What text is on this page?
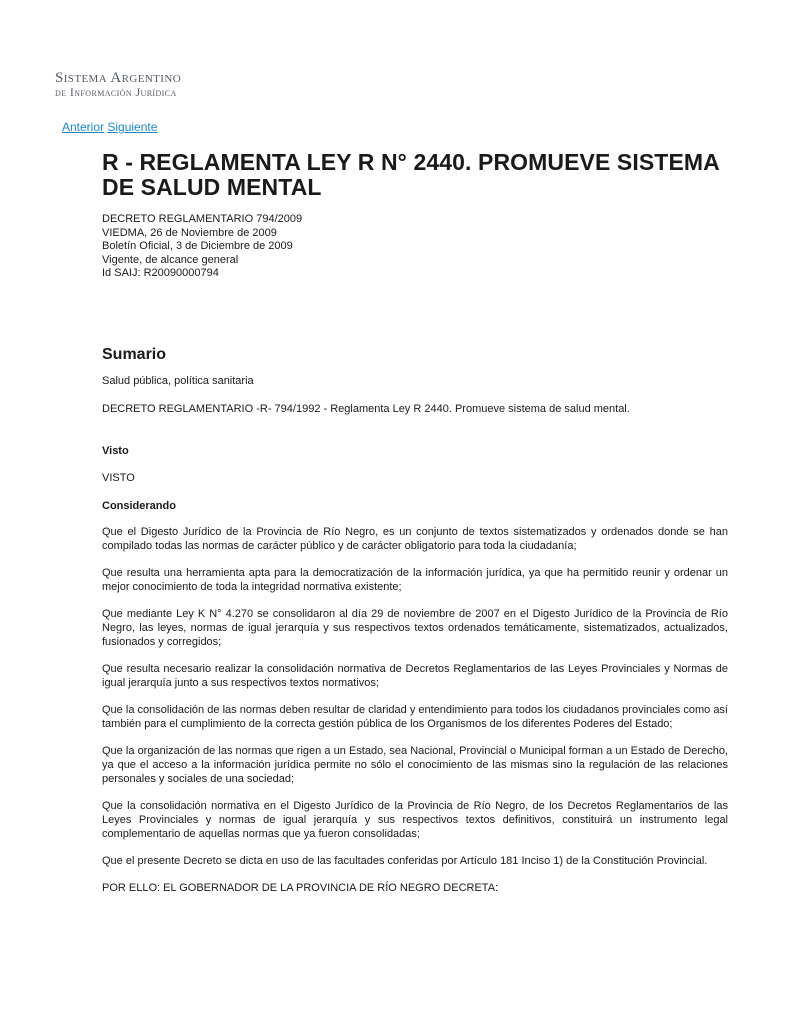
Sistema Argentino
de Información Jurídica
Anterior Siguiente
R - REGLAMENTA LEY R N° 2440. PROMUEVE SISTEMA DE SALUD MENTAL
DECRETO REGLAMENTARIO 794/2009
VIEDMA, 26 de Noviembre de 2009
Boletín Oficial, 3 de Diciembre de 2009
Vigente, de alcance general
Id SAIJ: R20090000794
Sumario

Salud pública, política sanitaria

DECRETO REGLAMENTARIO -R- 794/1992 - Reglamenta Ley R 2440. Promueve sistema de salud mental.

Visto

VISTO

Considerando

Que el Digesto Jurídico de la Provincia de Río Negro, es un conjunto de textos sistematizados y ordenados donde se han compilado todas las normas de carácter público y de carácter obligatorio para toda la ciudadanía;

Que resulta una herramienta apta para la democratización de la información jurídica, ya que ha permitido reunir y ordenar un mejor conocimiento de toda la integridad normativa existente;

Que mediante Ley K N° 4.270 se consolidaron al día 29 de noviembre de 2007 en el Digesto Jurídico de la Provincia de Río Negro, las leyes, normas de igual jerarquía y sus respectivos textos ordenados temáticamente, sistematizados, actualizados, fusionados y corregidos;

Que resulta necesario realizar la consolidación normativa de Decretos Reglamentarios de las Leyes Provinciales y Normas de igual jerarquía junto a sus respectivos textos normativos;

Que la consolidación de las normas deben resultar de claridad y entendimiento para todos los ciudadanos provinciales como así también para el cumplimiento de la correcta gestión pública de los Organismos de los diferentes Poderes del Estado;

Que la organización de las normas que rigen a un Estado, sea Nacional, Provincial o Municipal forman a un Estado de Derecho, ya que el acceso a la información jurídica permite no sólo el conocimiento de las mismas sino la regulación de las relaciones personales y sociales de una sociedad;

Que la consolidación normativa en el Digesto Jurídico de la Provincia de Río Negro, de los Decretos Reglamentarios de las Leyes Provinciales y normas de igual jerarquía y sus respectivos textos definitivos, constituirá un instrumento legal complementario de aquellas normas que ya fueron consolidadas;

Que el presente Decreto se dicta en uso de las facultades conferidas por Artículo 181 Inciso 1) de la Constitución Provincial.

POR ELLO: EL GOBERNADOR DE LA PROVINCIA DE RÍO NEGRO DECRETA:
